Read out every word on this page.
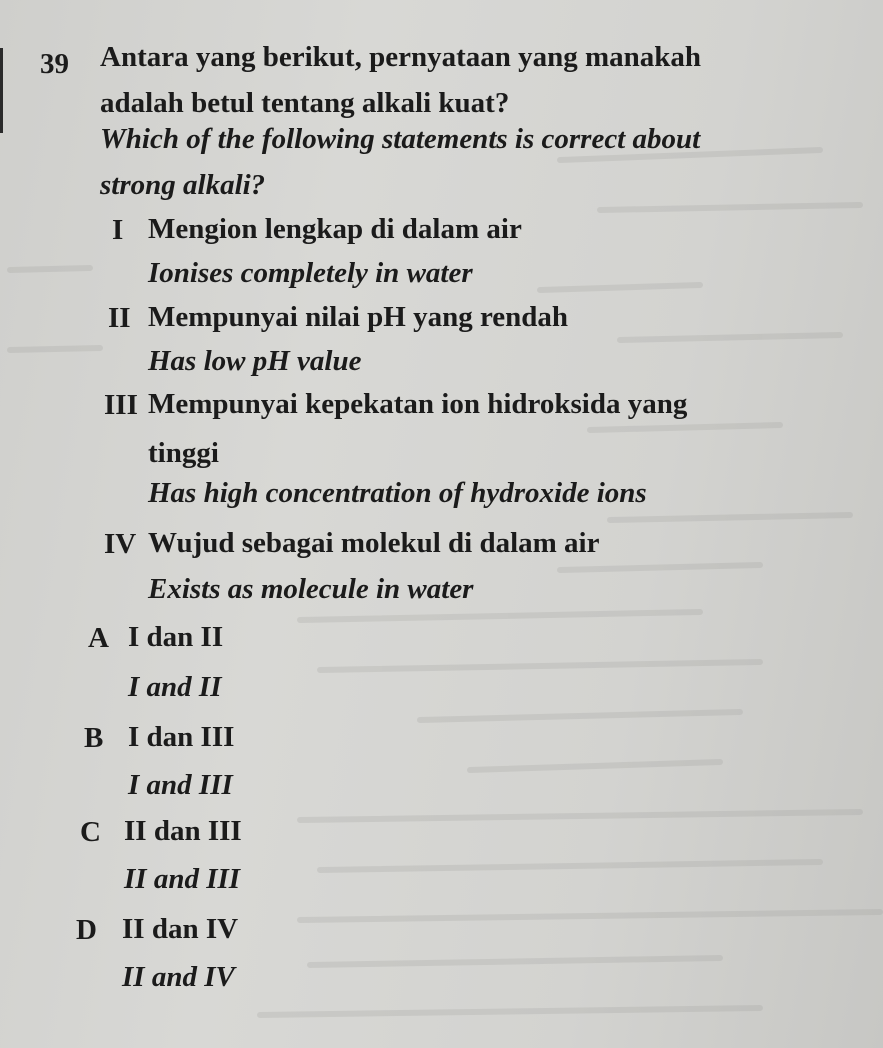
39 Antara yang berikut, pernyataan yang manakah
adalah betul tentang alkali kuat?
Which of the following statements is correct about
strong alkali?
I Mengion lengkap di dalam air
Ionises completely in water
II Mempunyai nilai pH yang rendah
Has low pH value
III Mempunyai kepekatan ion hidroksida yang
tinggi
Has high concentration of hydroxide ions
IV Wujud sebagai molekul di dalam air
Exists as molecule in water
A I dan II
I and II
B I dan III
I and III
C II dan III
II and III
D II dan IV
II and IV
